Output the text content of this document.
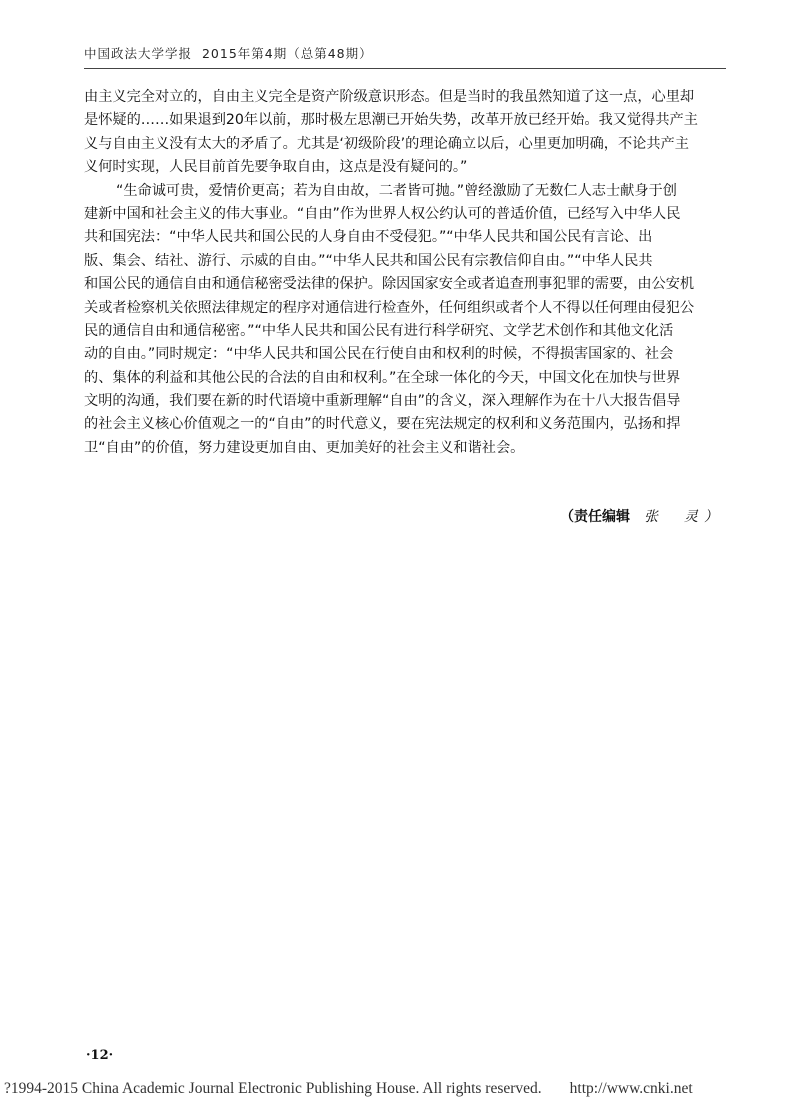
中国政法大学学报 2015年第4期（总第48期）
由主义完全对立的，自由主义完全是资产阶级意识形态。但是当时的我虽然知道了这一点，心里却
是怀疑的……如果退到20年以前，那时极左思潮已开始失势，改革开放已经开始。我又觉得共产主
义与自由主义没有太大的矛盾了。尤其是‘初级阶段’的理论确立以后，心里更加明确，不论共产主
义何时实现，人民目前首先要争取自由，这点是没有疑问的。”
“生命诚可贵，爱情价更高；若为自由故，二者皆可抛。”曾经激励了无数仁人志士献身于创
建新中国和社会主义的伟大事业。“自由”作为世界人权公约认可的普适价值，已经写入中华人民
共和国宪法：“中华人民共和国公民的人身自由不受侵犯。”“中华人民共和国公民有言论、出
版、集会、结社、游行、示威的自由。”“中华人民共和国公民有宗教信仰自由。”“中华人民共
和国公民的通信自由和通信秘密受法律的保护。除因国家安全或者追查刑事犯罪的需要，由公安机
关或者检察机关依照法律规定的程序对通信进行检查外，任何组织或者个人不得以任何理由侵犯公
民的通信自由和通信秘密。”“中华人民共和国公民有进行科学研究、文学艺术创作和其他文化活
动的自由。”同时规定：“中华人民共和国公民在行使自由和权利的时候，不得损害国家的、社会
的、集体的利益和其他公民的合法的自由和权利。”在全球一体化的今天，中国文化在加快与世界
文明的沟通，我们要在新的时代语境中重新理解“自由”的含义，深入理解作为在十八大报告倡导
的社会主义核心价值观之一的“自由”的时代意义，要在宪法规定的权利和义务范围内，弘扬和捍
卫“自由”的价值，努力建设更加自由、更加美好的社会主义和谐社会。
（责任编辑 张　灵）
·12·
?1994-2015 China Academic Journal Electronic Publishing House. All rights reserved. http://www.cnki.net
